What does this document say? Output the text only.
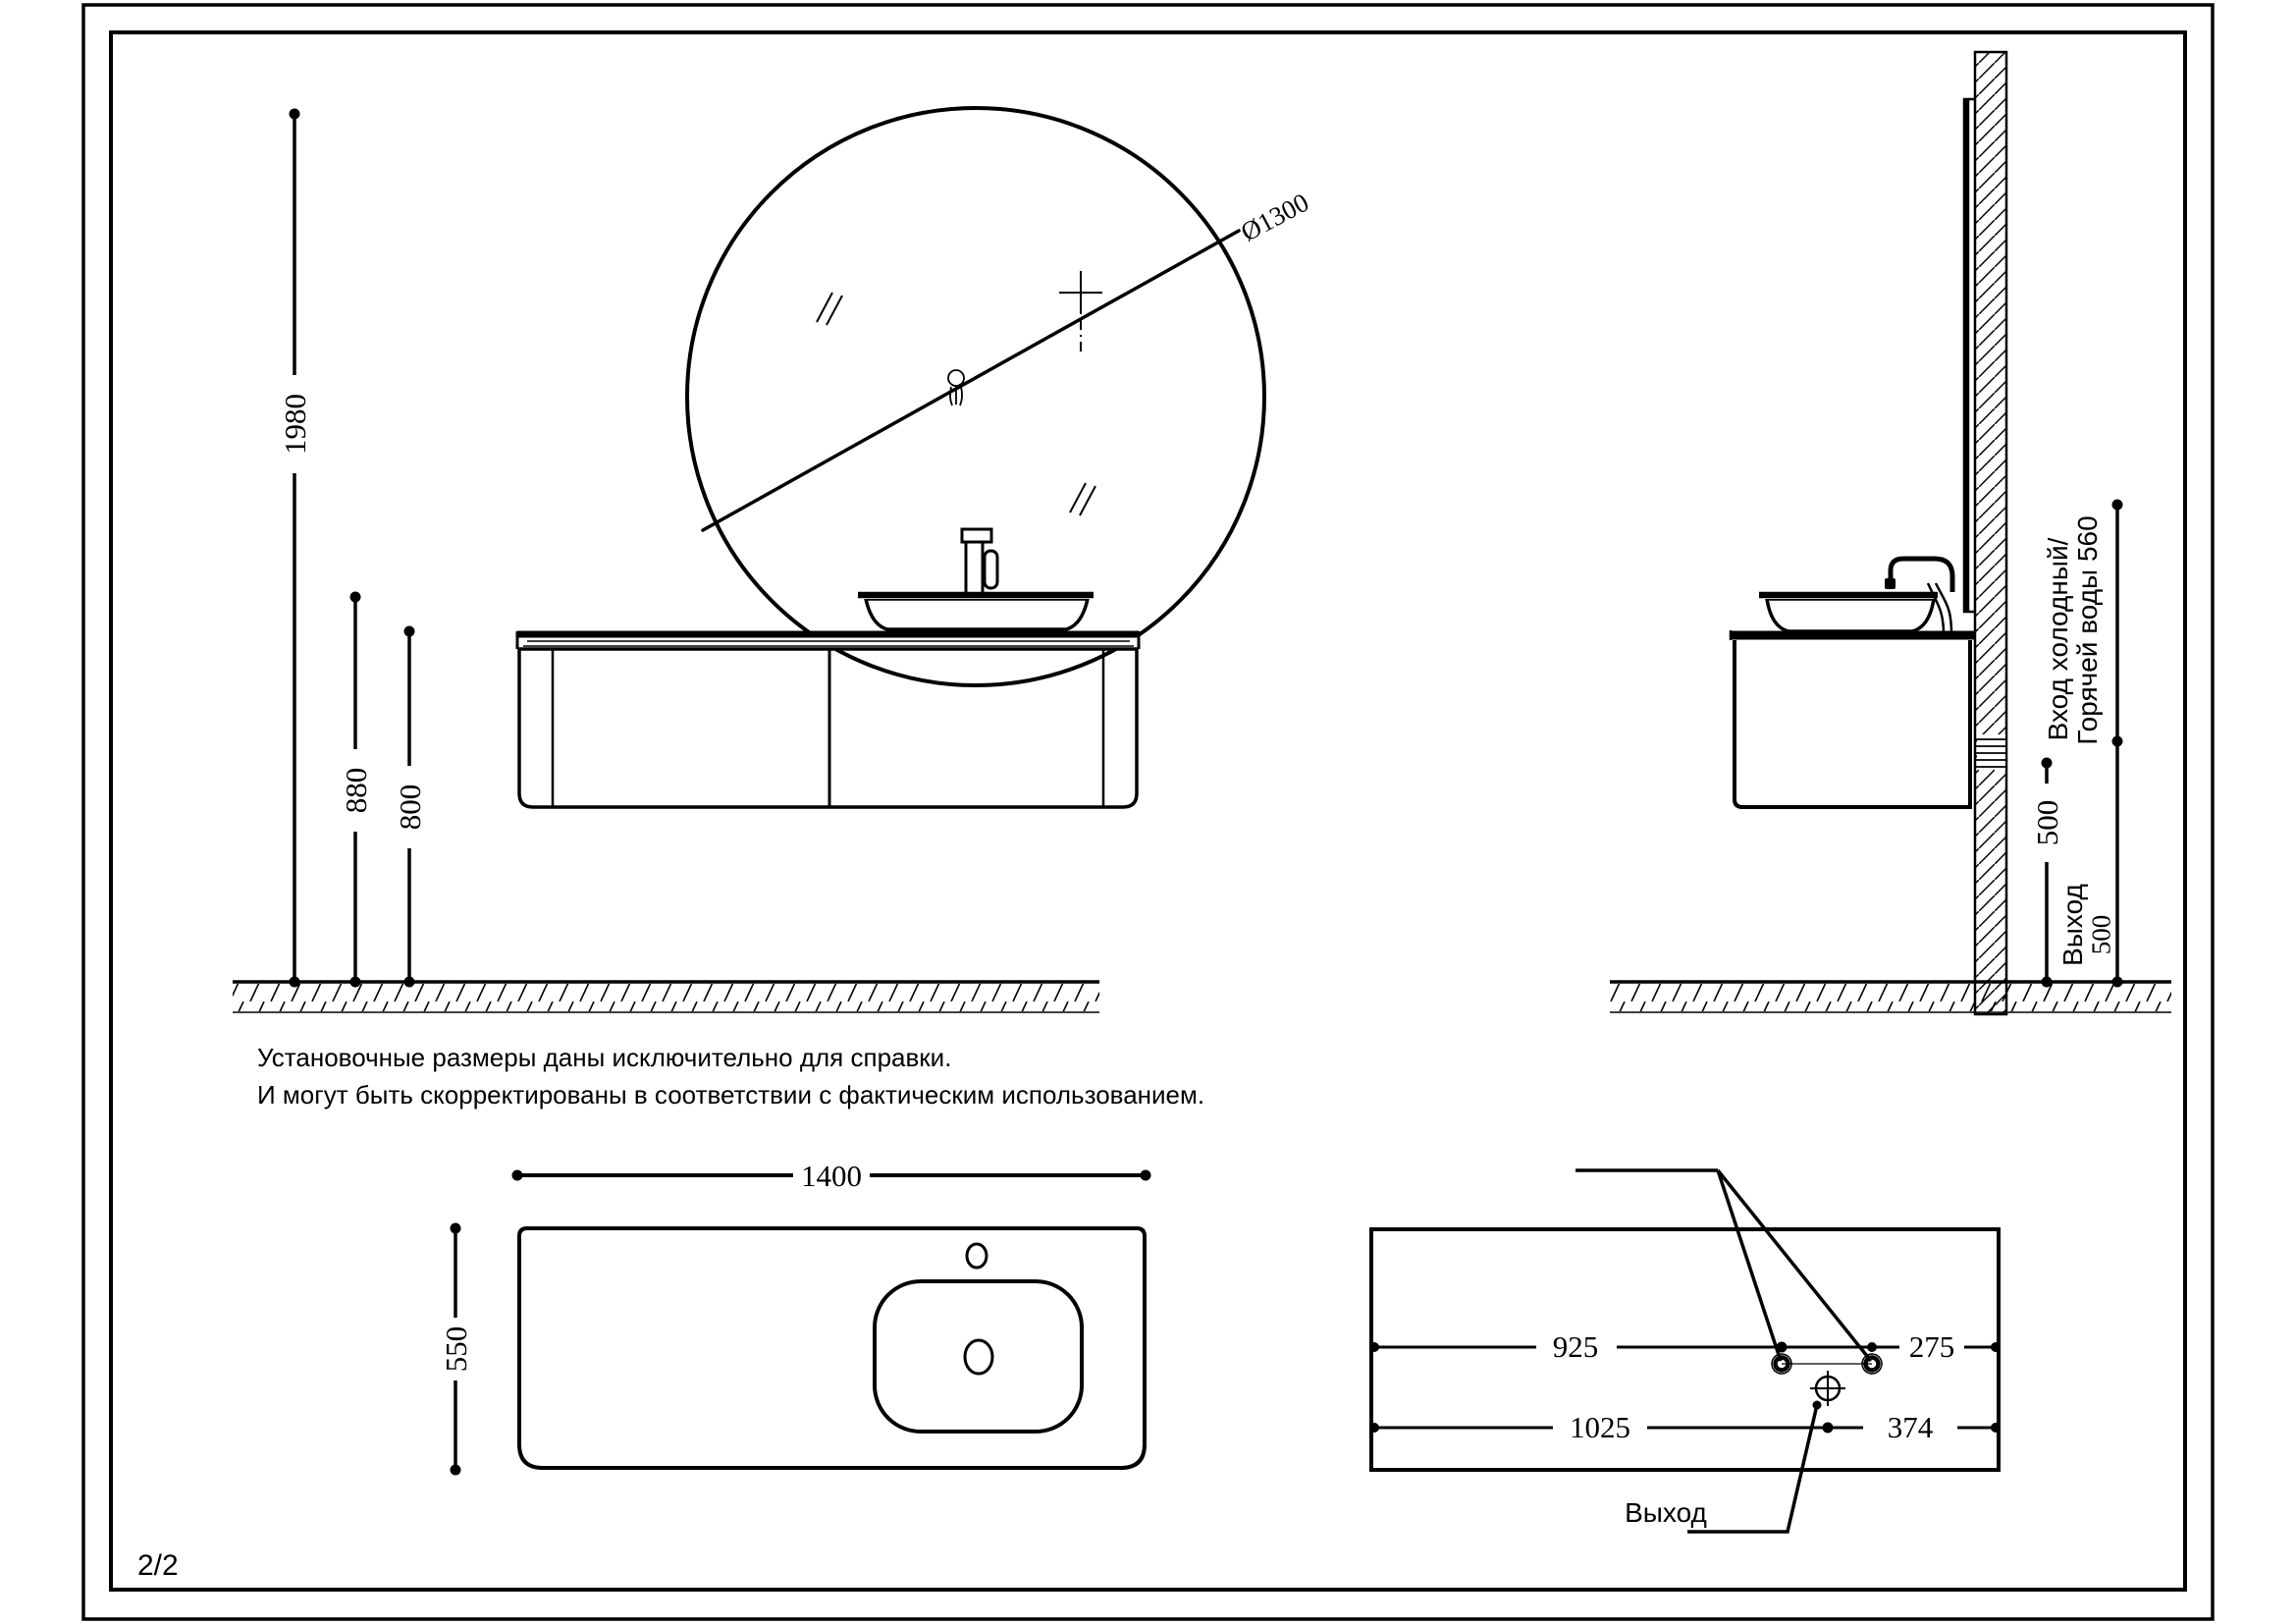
1980
880 800
Ø1300
500
Выход
500
Вход холодный/ Горячей воды 560
Установочные размеры даны исключительно для справки.
И могут быть скорректированы в соответствии с фактическим использованием.
1400
550	925	275
1025	374
Выход
2/2
